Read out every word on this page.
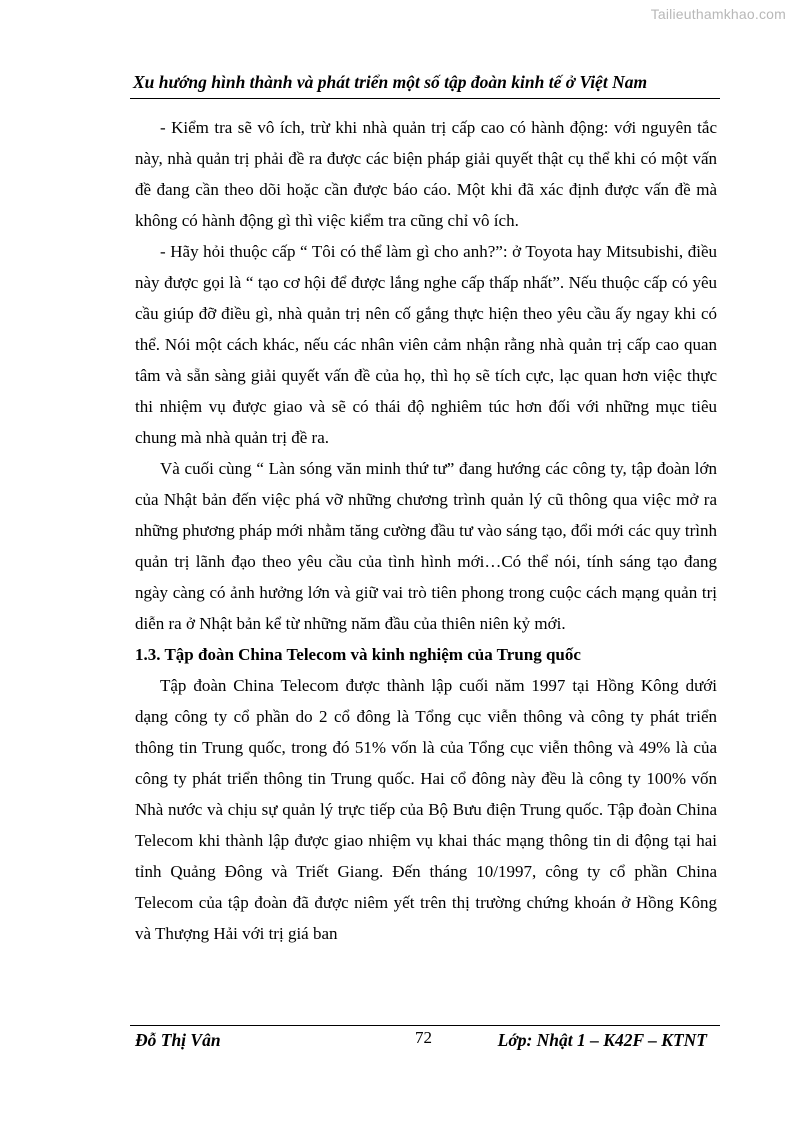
Tailieuthamkhao.com
Xu hướng hình thành và phát triển một số tập đoàn kinh tế ở Việt Nam

- Kiểm tra sẽ vô ích, trừ khi nhà quản trị cấp cao có hành động: với nguyên tắc này, nhà quản trị phải đề ra được các biện pháp giải quyết thật cụ thể khi có một vấn đề đang cần theo dõi hoặc cần được báo cáo. Một khi đã xác định được vấn đề mà không có hành động gì thì việc kiểm tra cũng chỉ vô ích.

- Hãy hỏi thuộc cấp “ Tôi có thể làm gì cho anh?”: ở Toyota hay Mitsubishi, điều này được gọi là “ tạo cơ hội để được lắng nghe cấp thấp nhất”. Nếu thuộc cấp có yêu cầu giúp đỡ điều gì, nhà quản trị nên cố gắng thực hiện theo yêu cầu ấy ngay khi có thể. Nói một cách khác, nếu các nhân viên cảm nhận rằng nhà quản trị cấp cao quan tâm và sẵn sàng giải quyết vấn đề của họ, thì họ sẽ tích cực, lạc quan hơn việc thực thi nhiệm vụ được giao và sẽ có thái độ nghiêm túc hơn đối với những mục tiêu chung mà nhà quản trị đề ra.

Và cuối cùng “ Làn sóng văn minh thứ tư” đang hướng các công ty, tập đoàn lớn của Nhật bản đến việc phá vỡ những chương trình quản lý cũ thông qua việc mở ra những phương pháp mới nhằm tăng cường đầu tư vào sáng tạo, đổi mới các quy trình quản trị lãnh đạo theo yêu cầu của tình hình mới…Có thể nói, tính sáng tạo đang ngày càng có ảnh hưởng lớn và giữ vai trò tiên phong trong cuộc cách mạng quản trị diễn ra ở Nhật bản kể từ những năm đầu của thiên niên kỷ mới.

1.3. Tập đoàn China Telecom và kinh nghiệm của Trung quốc

Tập đoàn China Telecom được thành lập cuối năm 1997 tại Hồng Kông dưới dạng công ty cổ phần do 2 cổ đông là Tổng cục viễn thông và công ty phát triển thông tin Trung quốc, trong đó 51% vốn là của Tổng cục viễn thông và 49% là của công ty phát triển thông tin Trung quốc. Hai cổ đông này đều là công ty 100% vốn Nhà nước và chịu sự quản lý trực tiếp của Bộ Bưu điện Trung quốc. Tập đoàn China Telecom khi thành lập được giao nhiệm vụ khai thác mạng thông tin di động tại hai tỉnh Quảng Đông và Triết Giang. Đến tháng 10/1997, công ty cổ phần China Telecom của tập đoàn đã được niêm yết trên thị trường chứng khoán ở Hồng Kông và Thượng Hải với trị giá ban

Đỗ Thị Vân	72	Lớp: Nhật 1 – K42F – KTNT
